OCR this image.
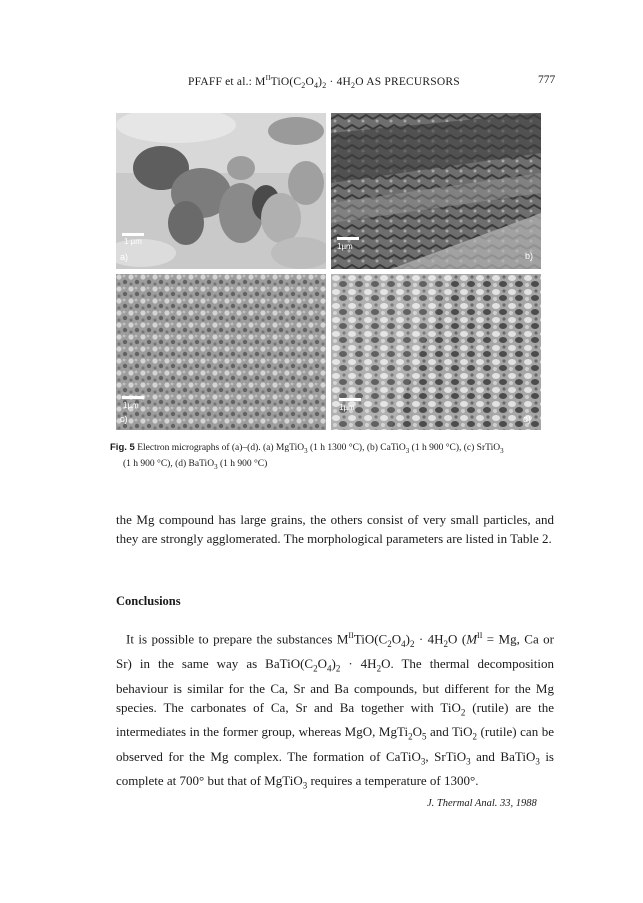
PFAFF et al.: $M^{II}TiO(C_2O_4)_2 \cdot 4H_2O$ AS PRECURSORS	777
1 µm
a)
1µm
b)
1µm
c)
1µm
d)
Fig. 5 Electron micrographs of (a)–(d). (a) MgTiO$_3$ (1 h 1300 °C), (b) CaTiO$_3$ (1 h 900 °C), (c) SrTiO$_3$
(1 h 900 °C), (d) BaTiO$_3$ (1 h 900 °C)
the Mg compound has large grains, the others consist of very small particles, and they are strongly agglomerated. The morphological parameters are listed in Table 2.
Conclusions
It is possible to prepare the substances $M^{II}TiO(C_2O_4)_2 \cdot 4H_2O$ ($M^{II} = Mg$, Ca or Sr) in the same way as $BaTiO(C_2O_4)_2 \cdot 4H_2O$. The thermal decomposition behaviour is similar for the Ca, Sr and Ba compounds, but different for the Mg species. The carbonates of Ca, Sr and Ba together with TiO$_2$ (rutile) are the intermediates in the former group, whereas MgO, $MgTi_2O_5$ and TiO$_2$ (rutile) can be observed for the Mg complex. The formation of CaTiO$_3$, SrTiO$_3$ and BaTiO$_3$ is complete at 700° but that of MgTiO$_3$ requires a temperature of 1300°.
J. Thermal Anal. 33, 1988
